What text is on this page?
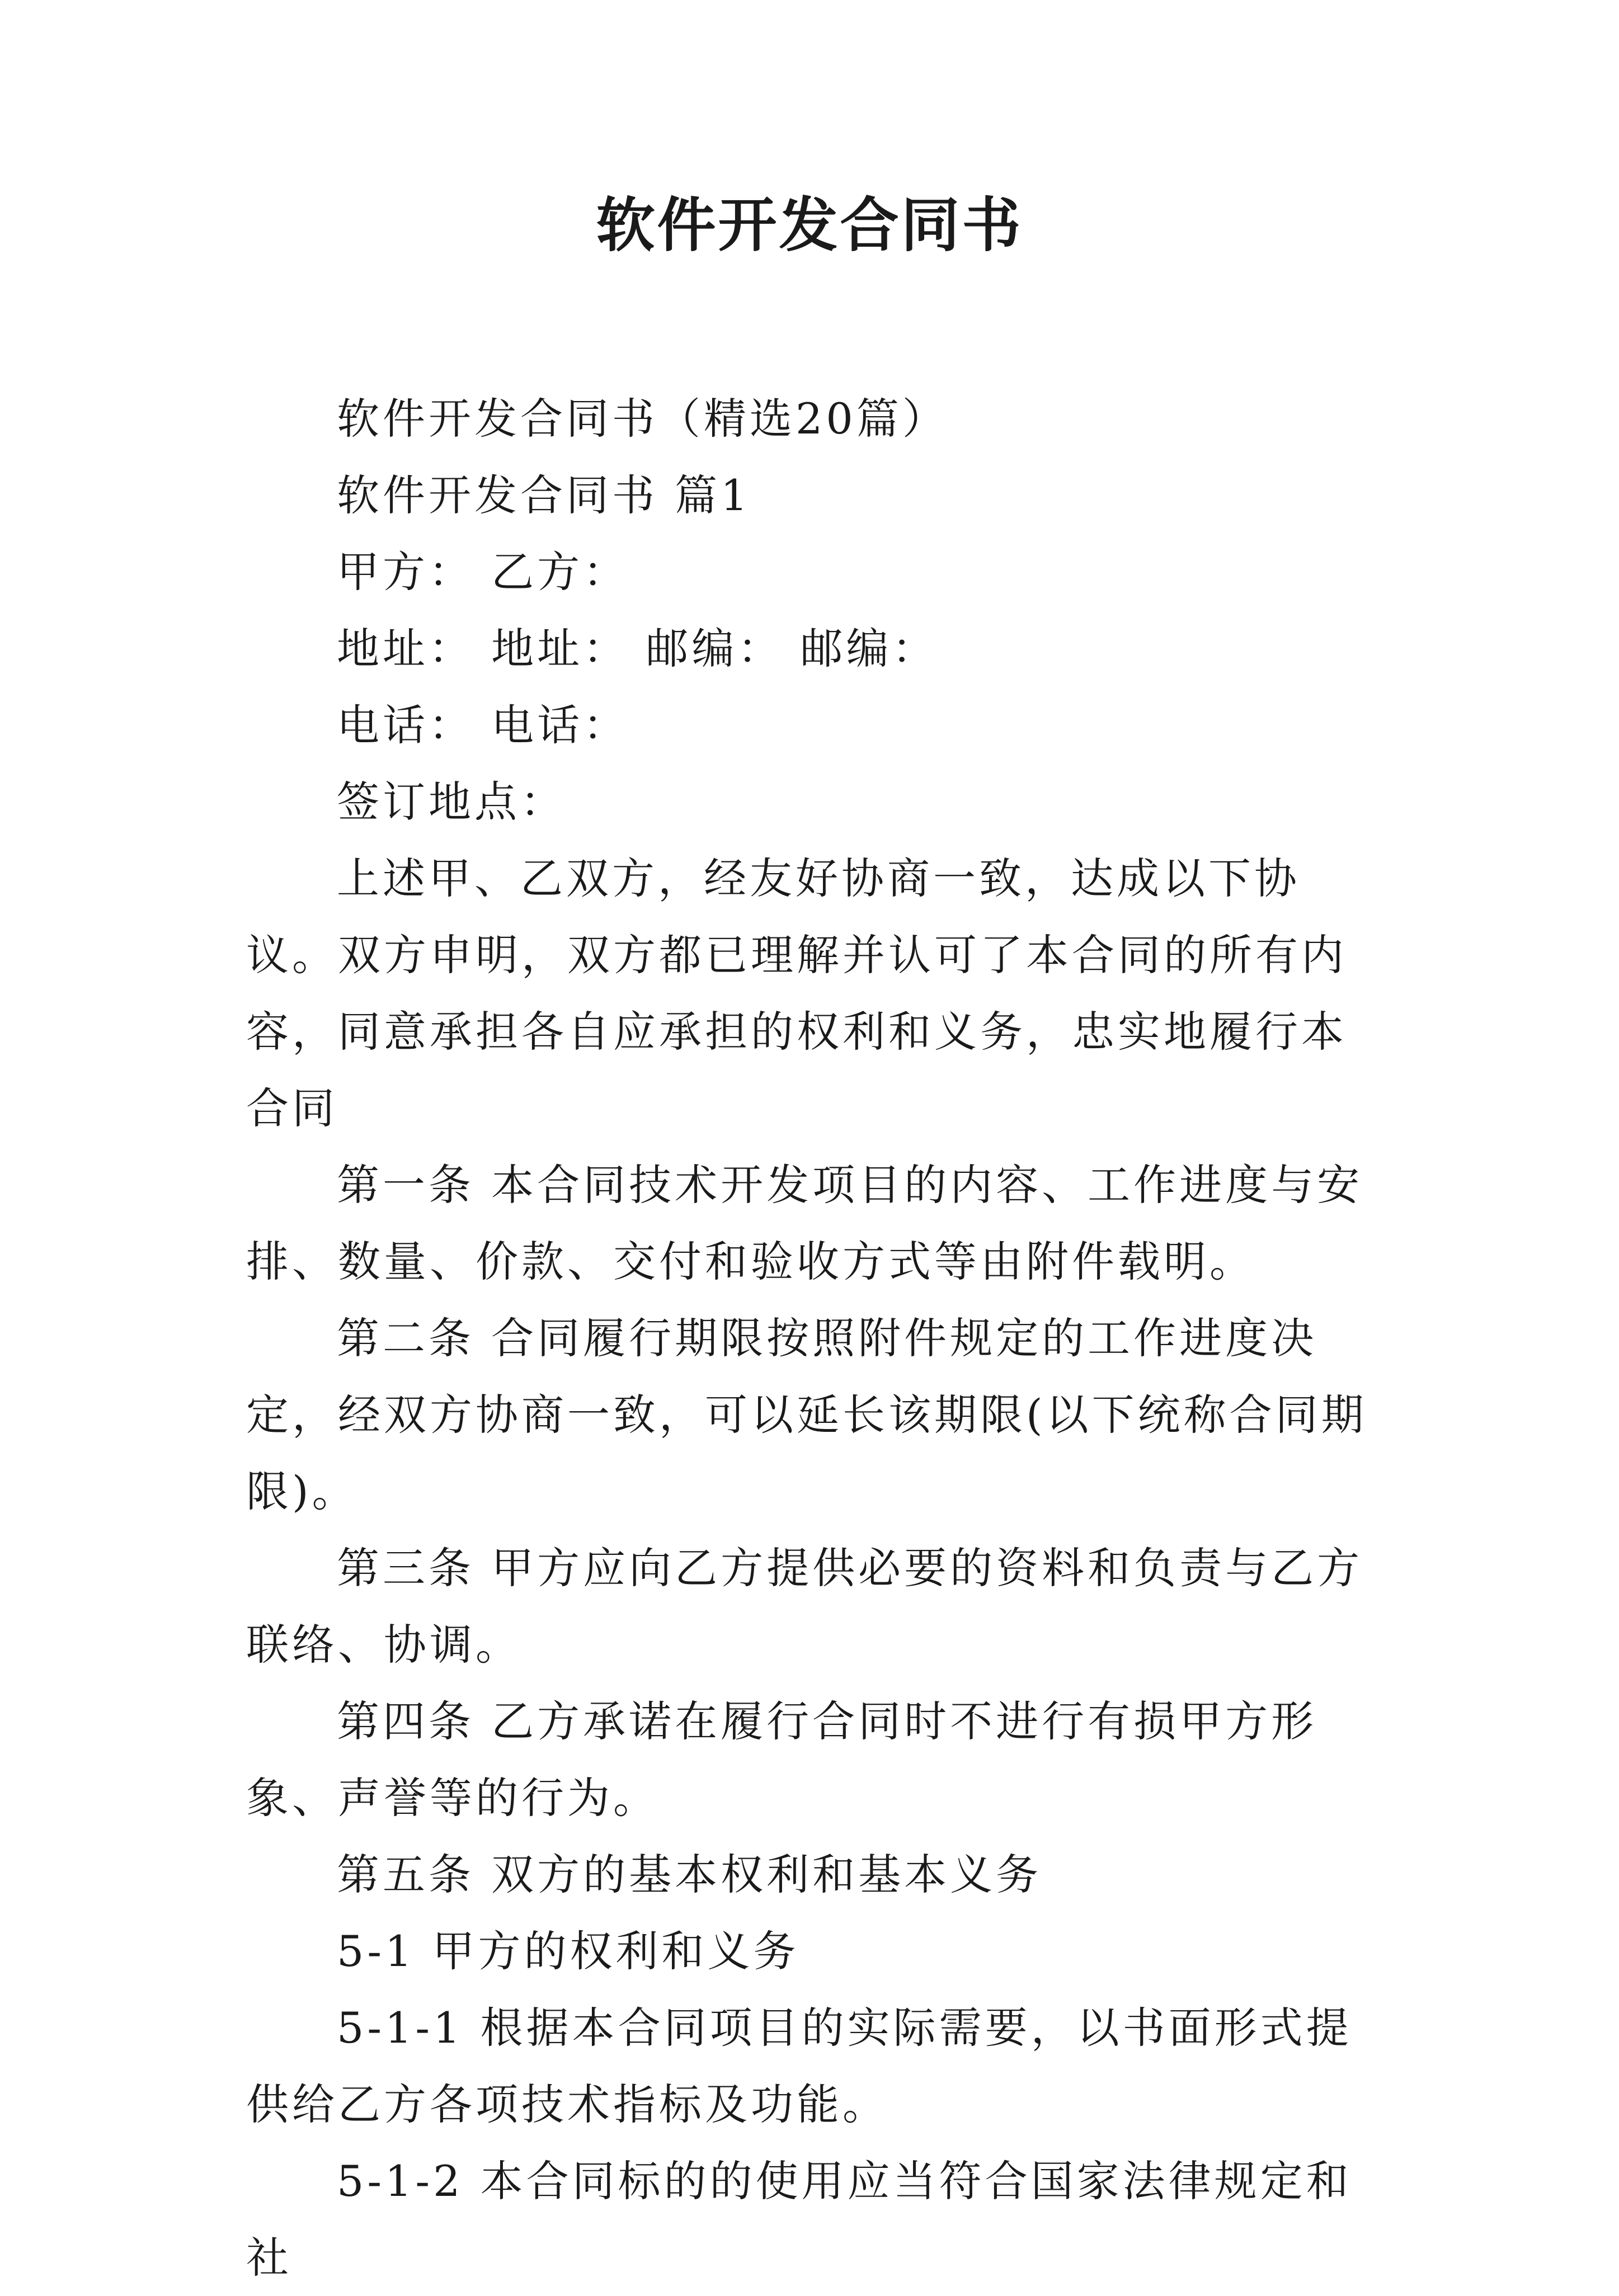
软件开发合同书

软件开发合同书（精选20篇）

软件开发合同书 篇1

甲方： 乙方：

地址： 地址： 邮编： 邮编：

电话： 电话：

签订地点：

上述甲、乙双方，经友好协商一致，达成以下协议。双方申明，双方都已理解并认可了本合同的所有内容，同意承担各自应承担的权利和义务，忠实地履行本合同

第一条 本合同技术开发项目的内容、工作进度与安排、数量、价款、交付和验收方式等由附件载明。

第二条 合同履行期限按照附件规定的工作进度决定，经双方协商一致，可以延长该期限(以下统称合同期限)。

第三条 甲方应向乙方提供必要的资料和负责与乙方联络、协调。

第四条 乙方承诺在履行合同时不进行有损甲方形象、声誉等的行为。

第五条 双方的基本权利和基本义务

5-1 甲方的权利和义务

5-1-1 根据本合同项目的实际需要，以书面形式提供给乙方各项技术指标及功能。

5-1-2 本合同标的的使用应当符合国家法律规定和社
